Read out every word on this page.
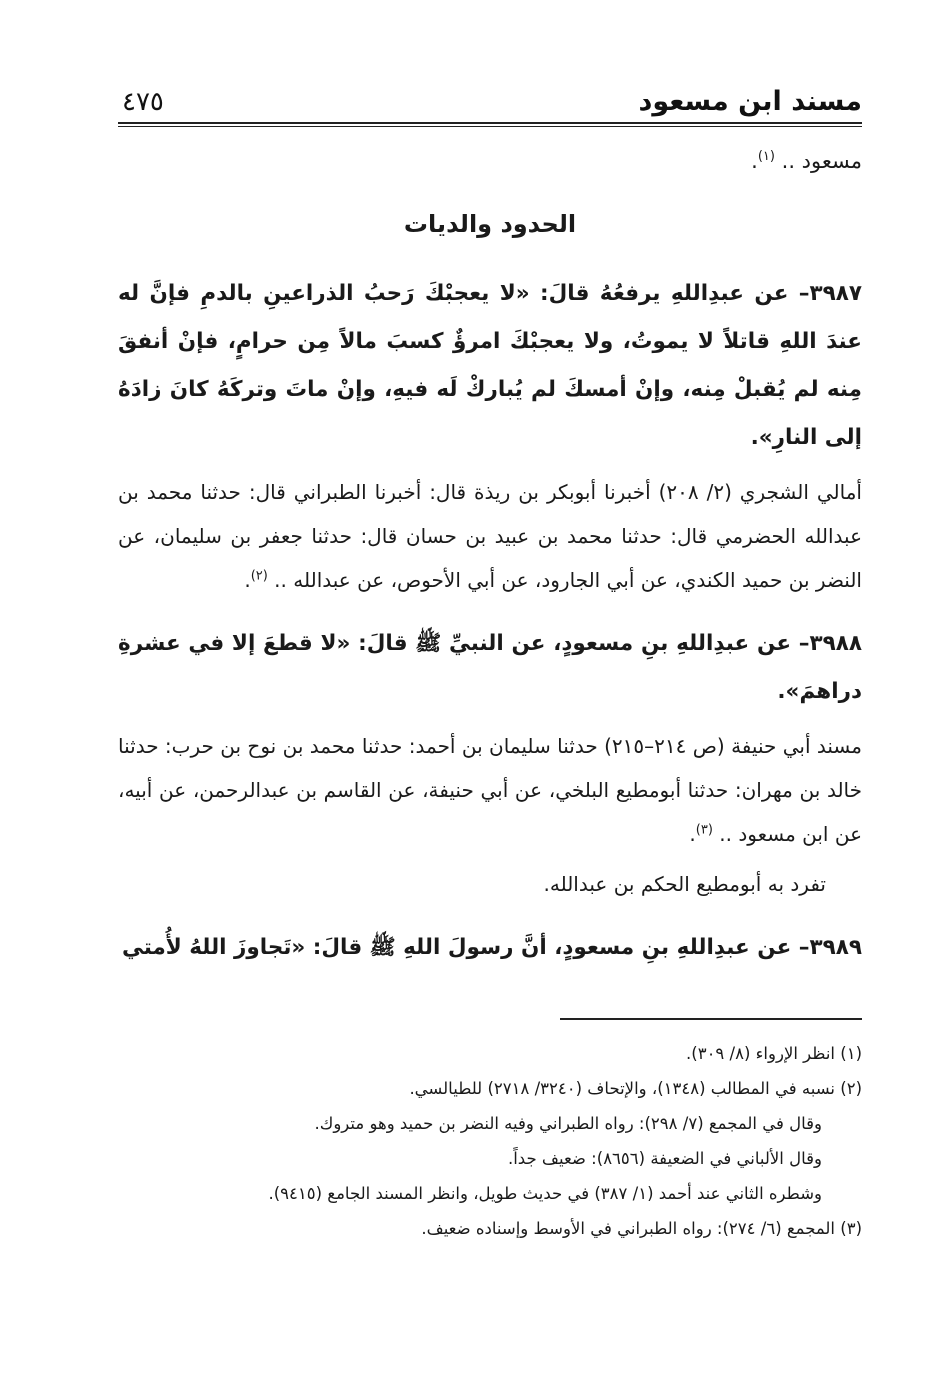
مسند ابن مسعود
٤٧٥

مسعود .. $^{(١)}$.

الحدود والديات

٣٩٨٧– عن عبدِاللهِ يرفعُهُ قالَ: «لا يعجبْكَ رَحبُ الذراعينِ بالدمِ فإنَّ له عندَ اللهِ قاتلاً لا يموتُ، ولا يعجبْكَ امرؤٌ كسبَ مالاً مِن حرامٍ، فإنْ أنفقَ مِنه لم يُقبلْ مِنه، وإنْ أمسكَ لم يُباركْ لَه فيهِ، وإنْ ماتَ وتركَهُ كانَ زادَهُ إلى النارِ».

أمالي الشجري (٢/ ٢٠٨) أخبرنا أبوبكر بن ريذة قال: أخبرنا الطبراني قال: حدثنا محمد بن عبدالله الحضرمي قال: حدثنا محمد بن عبيد بن حسان قال: حدثنا جعفر بن سليمان، عن النضر بن حميد الكندي، عن أبي الجارود، عن أبي الأحوص، عن عبدالله .. $^{(٢)}$.

٣٩٨٨– عن عبدِاللهِ بنِ مسعودٍ، عن النبيِّ ﷺ قالَ: «لا قطعَ إلا في عشرةِ دراهمَ».

مسند أبي حنيفة (ص ٢١٤–٢١٥) حدثنا سليمان بن أحمد: حدثنا محمد بن نوح بن حرب: حدثنا خالد بن مهران: حدثنا أبومطيع البلخي، عن أبي حنيفة، عن القاسم بن عبدالرحمن، عن أبيه، عن ابن مسعود .. $^{(٣)}$.

تفرد به أبومطيع الحكم بن عبدالله.

٣٩٨٩– عن عبدِاللهِ بنِ مسعودٍ، أنَّ رسولَ اللهِ ﷺ قالَ: «تَجاوزَ اللهُ لأُمتي

(١) انظر الإرواء (٨/ ٣٠٩).

(٢) نسبه في المطالب (١٣٤٨)، والإتحاف (٣٢٤٠/ ٢٧١٨) للطيالسي.

وقال في المجمع (٧/ ٢٩٨): رواه الطبراني وفيه النضر بن حميد وهو متروك.

وقال الألباني في الضعيفة (٨٦٥٦): ضعيف جداً.

وشطره الثاني عند أحمد (١/ ٣٨٧) في حديث طويل، وانظر المسند الجامع (٩٤١٥).

(٣) المجمع (٦/ ٢٧٤): رواه الطبراني في الأوسط وإسناده ضعيف.
